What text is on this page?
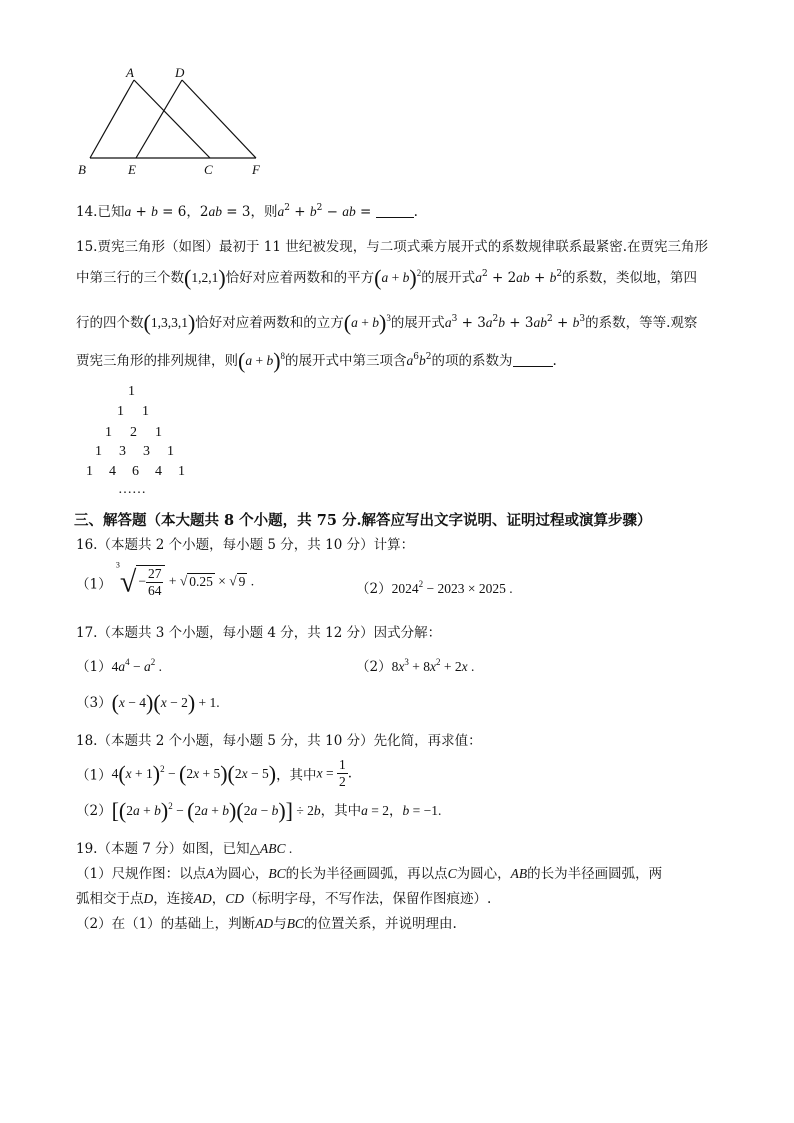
A	D
B	E	C	F
14.已知a + b = 6，2ab = 3，则$a^2 + b^2$ − ab =	.
15.贾宪三角形（如图）最初于 11 世纪被发现，与二项式乘方展开式的系数规律联系最紧密.在贾宪三角形
中第三行的三个数(1,2,1)恰好对应着两数和的平方$(a + b)^2$的展开式$a^2 + 2ab + b^2$的系数，类似地，第四
行的四个数(1,3,3,1)恰好对应着两数和的立方$(a + b)^3$的展开式$a^3 + 3a^2b + 3ab^2 + b^3$的系数，等等.观察
贾宪三角形的排列规律，则$(a + b)^8$的展开式中第三项含$a^6b^2$的项的系数为	.
1
1 1
1 2 1
1 3 3 1
1 4 6 4 1
……
三、解答题（本大题共 8 个小题，共 75 分.解答应写出文字说明、证明过程或演算步骤）
16.（本题共 2 个小题，每小题 5 分，共 10 分）计算：
（1） $^3√ - \frac{27}{64}$ + √ 0.25 × √ 9 .	$(2)2024^2 - 2023 \times 2025$ .
17.（本题共 3 个小题，每小题 4 分，共 12 分）因式分解：
$(1)4a^4 - a^2$ .	$(2)8x^3 + 8x^2 + 2x$ .
（3）(x − 4)(x − 2) + 1.
18.（本题共 2 个小题，每小题 5 分，共 10 分）先化简，再求值：
$(1)4(x + 1)^2 - (2x + 5)(2x - 5)$，其中$x = \frac{1}{2}$ .
$(2)[(2a + b)^2 - (2a + b)(2a - b)] \div 2b$，其中a = 2，b = −1.
19.（本题 7 分）如图，已知△ABC .
（1）尺规作图：以点A为圆心，BC的长为半径画圆弧，再以点C为圆心，AB的长为半径画圆弧，两
弧相交于点D，连接AD，CD（标明字母，不写作法，保留作图痕迹）.
（2）在（1）的基础上，判断AD与BC的位置关系，并说明理由.
